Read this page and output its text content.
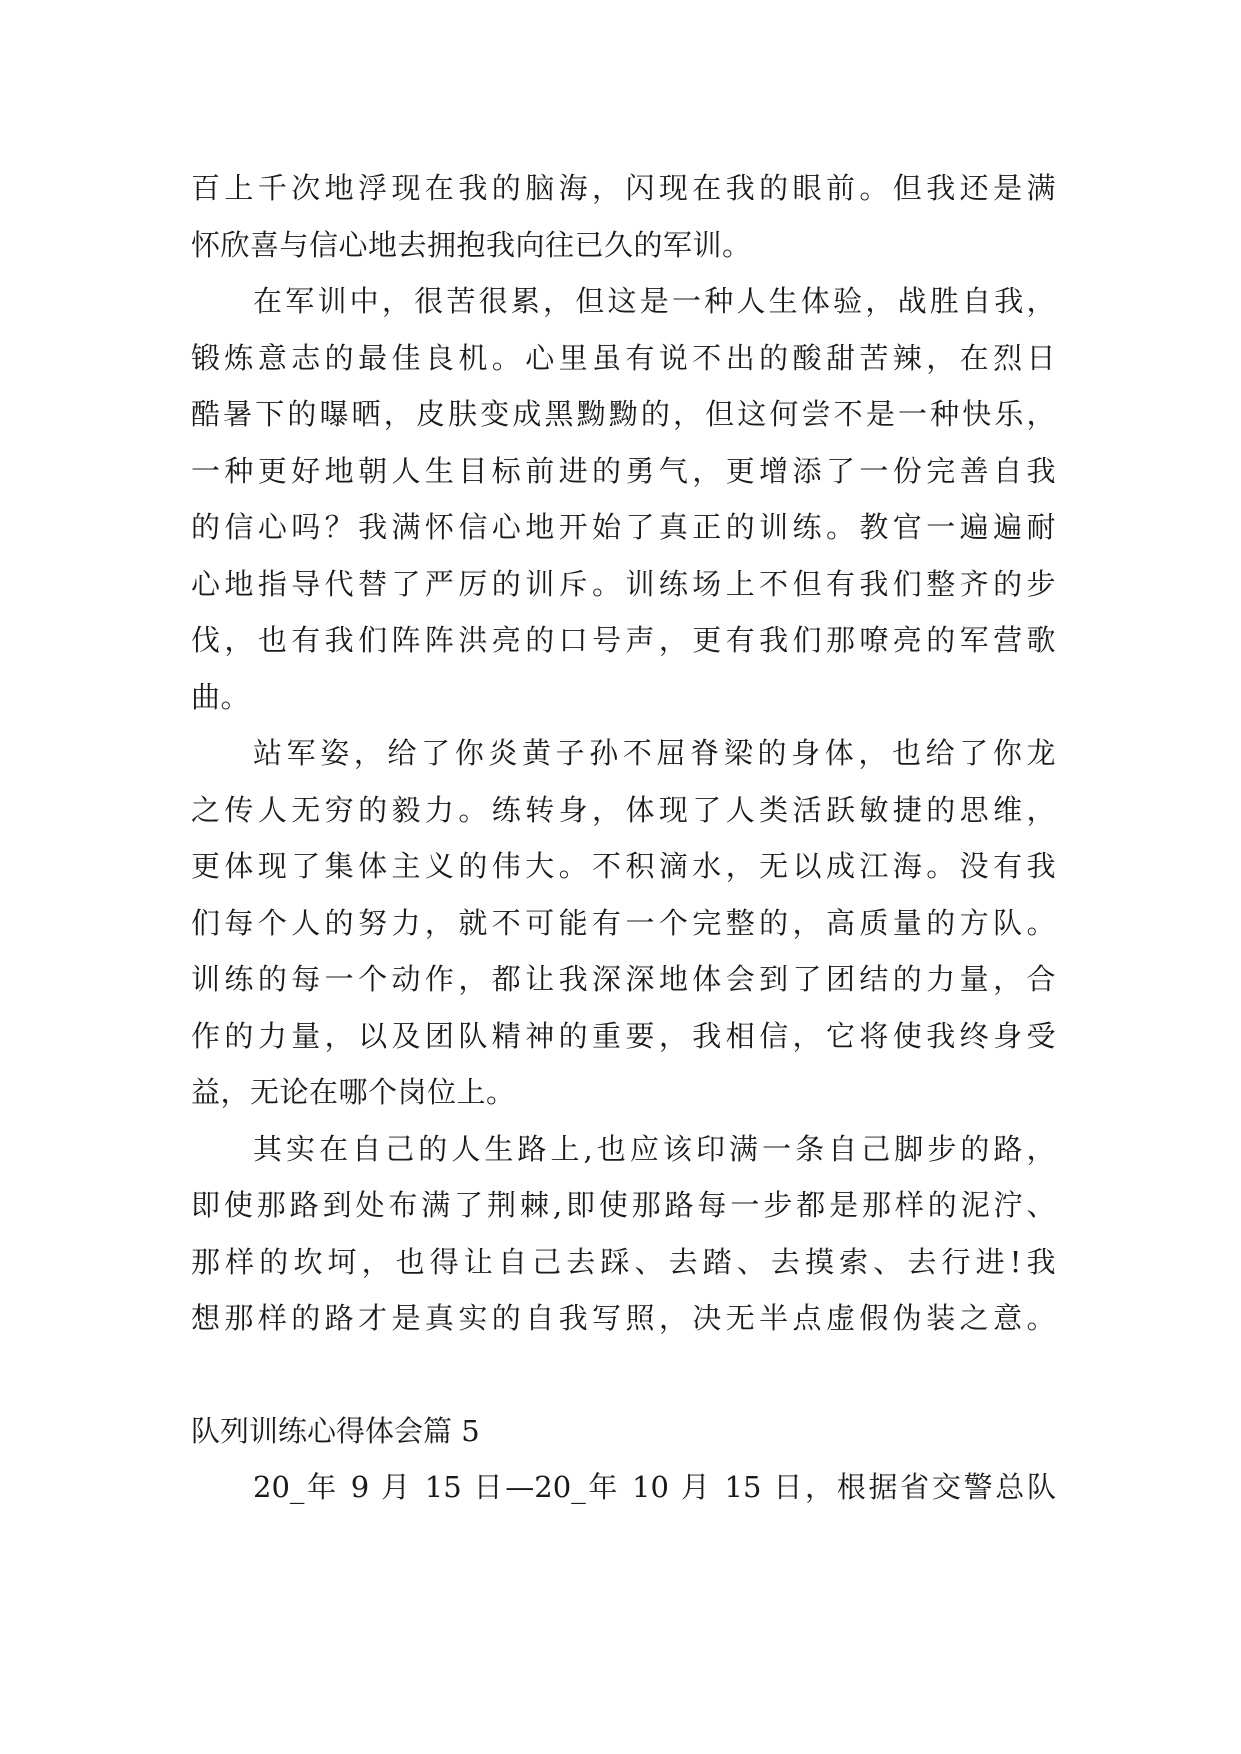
百上千次地浮现在我的脑海，闪现在我的眼前。但我还是满
怀欣喜与信心地去拥抱我向往已久的军训。
在军训中，很苦很累，但这是一种人生体验，战胜自我，
锻炼意志的最佳良机。心里虽有说不出的酸甜苦辣，在烈日
酷暑下的曝晒，皮肤变成黑黝黝的，但这何尝不是一种快乐，
一种更好地朝人生目标前进的勇气，更增添了一份完善自我
的信心吗？我满怀信心地开始了真正的训练。教官一遍遍耐
心地指导代替了严厉的训斥。训练场上不但有我们整齐的步
伐，也有我们阵阵洪亮的口号声，更有我们那嘹亮的军营歌
曲。
站军姿，给了你炎黄子孙不屈脊梁的身体，也给了你龙
之传人无穷的毅力。练转身，体现了人类活跃敏捷的思维，
更体现了集体主义的伟大。不积滴水，无以成江海。没有我
们每个人的努力，就不可能有一个完整的，高质量的方队。
训练的每一个动作，都让我深深地体会到了团结的力量，合
作的力量，以及团队精神的重要，我相信，它将使我终身受
益，无论在哪个岗位上。
其实在自己的人生路上,也应该印满一条自己脚步的路，
即使那路到处布满了荆棘,即使那路每一步都是那样的泥泞、
那样的坎坷，也得让自己去踩、去踏、去摸索、去行进!我
想那样的路才是真实的自我写照，决无半点虚假伪装之意。
队列训练心得体会篇 5
20_年 9 月 15 日—20_年 10 月 15 日，根据省交警总队
